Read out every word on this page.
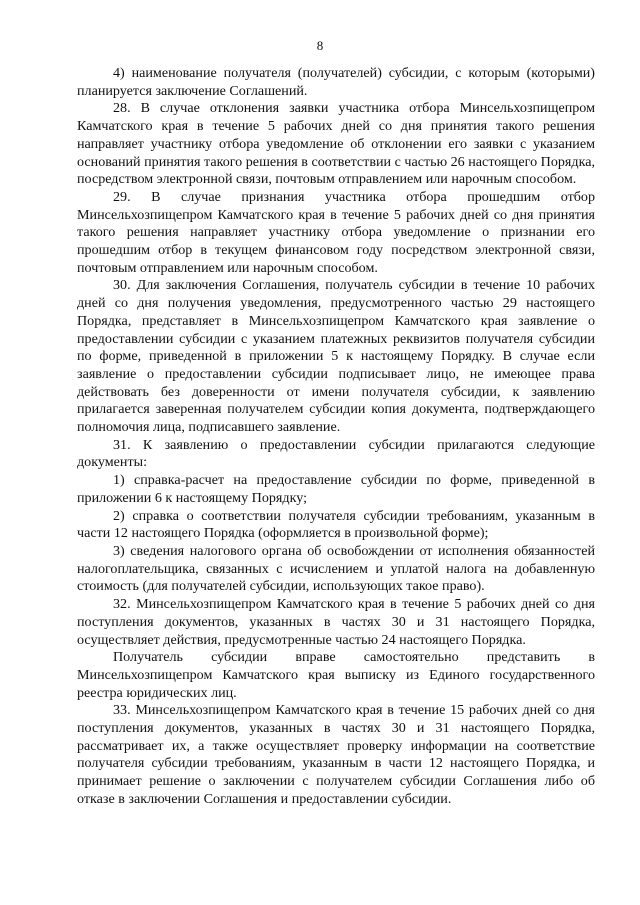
8

4) наименование получателя (получателей) субсидии, с которым (которыми) планируется заключение Соглашений.

28. В случае отклонения заявки участника отбора Минсельхозпищепром Камчатского края в течение 5 рабочих дней со дня принятия такого решения направляет участнику отбора уведомление об отклонении его заявки с указанием оснований принятия такого решения в соответствии с частью 26 настоящего Порядка, посредством электронной связи, почтовым отправлением или нарочным способом.

29. В случае признания участника отбора прошедшим отбор Минсельхозпищепром Камчатского края в течение 5 рабочих дней со дня принятия такого решения направляет участнику отбора уведомление о признании его прошедшим отбор в текущем финансовом году посредством электронной связи, почтовым отправлением или нарочным способом.

30. Для заключения Соглашения, получатель субсидии в течение 10 рабочих дней со дня получения уведомления, предусмотренного частью 29 настоящего Порядка, представляет в Минсельхозпищепром Камчатского края заявление о предоставлении субсидии с указанием платежных реквизитов получателя субсидии по форме, приведенной в приложении 5 к настоящему Порядку. В случае если заявление о предоставлении субсидии подписывает лицо, не имеющее права действовать без доверенности от имени получателя субсидии, к заявлению прилагается заверенная получателем субсидии копия документа, подтверждающего полномочия лица, подписавшего заявление.

31. К заявлению о предоставлении субсидии прилагаются следующие документы:

1) справка-расчет на предоставление субсидии по форме, приведенной в приложении 6 к настоящему Порядку;

2) справка о соответствии получателя субсидии требованиям, указанным в части 12 настоящего Порядка (оформляется в произвольной форме);

3) сведения налогового органа об освобождении от исполнения обязанностей налогоплательщика, связанных с исчислением и уплатой налога на добавленную стоимость (для получателей субсидии, использующих такое право).

32. Минсельхозпищепром Камчатского края в течение 5 рабочих дней со дня поступления документов, указанных в частях 30 и 31 настоящего Порядка, осуществляет действия, предусмотренные частью 24 настоящего Порядка.

Получатель субсидии вправе самостоятельно представить в Минсельхозпищепром Камчатского края выписку из Единого государственного реестра юридических лиц.

33. Минсельхозпищепром Камчатского края в течение 15 рабочих дней со дня поступления документов, указанных в частях 30 и 31 настоящего Порядка, рассматривает их, а также осуществляет проверку информации на соответствие получателя субсидии требованиям, указанным в части 12 настоящего Порядка, и принимает решение о заключении с получателем субсидии Соглашения либо об отказе в заключении Соглашения и предоставлении субсидии.
